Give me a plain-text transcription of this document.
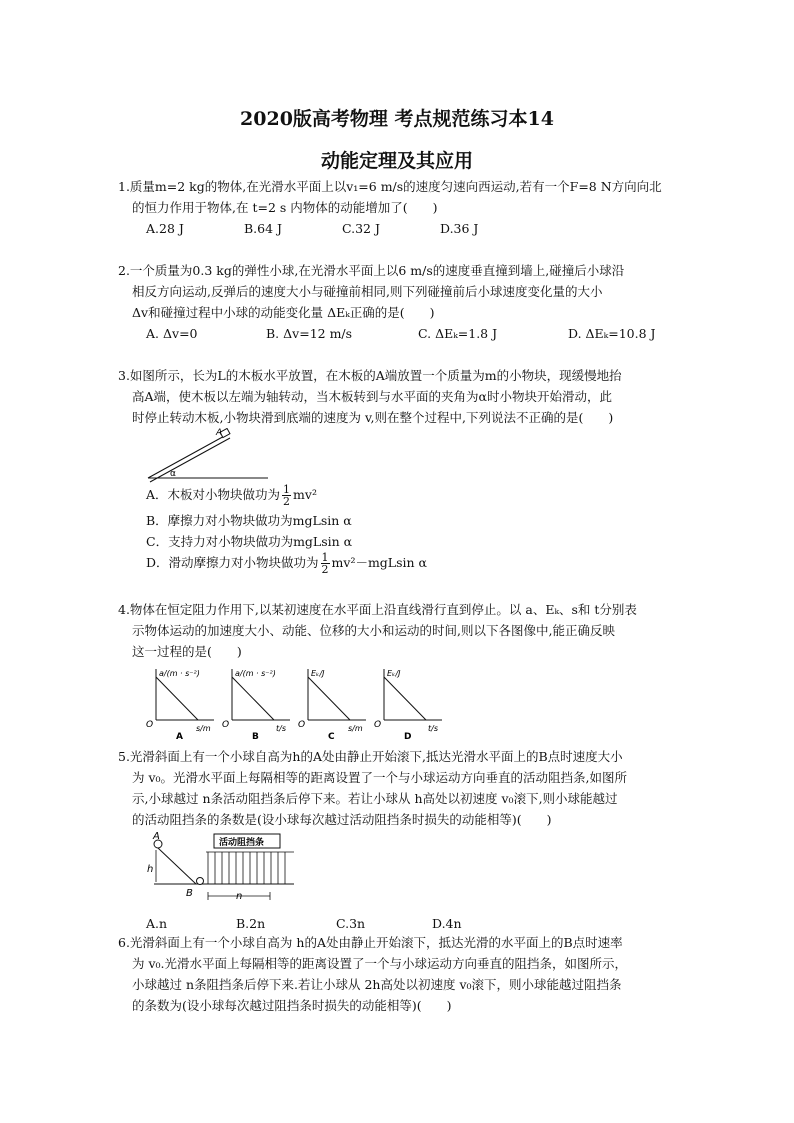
2020版高考物理 考点规范练习本14
动能定理及其应用
1.质量m=2 kg的物体,在光滑水平面上以v₁=6 m/s的速度匀速向西运动,若有一个F=8 N方向向北
的恒力作用于物体,在 t=2 s 内物体的动能增加了(　　)
A.28 J	B.64 J	C.32 J	D.36 J
2.一个质量为0.3 kg的弹性小球,在光滑水平面上以6 m/s的速度垂直撞到墙上,碰撞后小球沿
相反方向运动,反弹后的速度大小与碰撞前相同,则下列碰撞前后小球速度变化量的大小
Δv和碰撞过程中小球的动能变化量 ΔEₖ正确的是(　　)
A. Δv=0	B. Δv=12 m/s	C. ΔEₖ=1.8 J	D. ΔEₖ=10.8 J
3.如图所示，长为L的木板水平放置，在木板的A端放置一个质量为m的小物块，现缓慢地抬
高A端，使木板以左端为轴转动，当木板转到与水平面的夹角为α时小物块开始滑动，此
时停止转动木板,小物块滑到底端的速度为 v,则在整个过程中,下列说法不正确的是(　　)
A
α
A．木板对小物块做功为 $\frac{1}{2} mv^2$
B．摩擦力对小物块做功为mgLsin α
C．支持力对小物块做功为mgLsin α
D．滑动摩擦力对小物块做功为 $\frac{1}{2} mv^2-mgLsin$ α
4.物体在恒定阻力作用下,以某初速度在水平面上沿直线滑行直到停止。以 a、Eₖ、s和 t分别表
示物体运动的加速度大小、动能、位移的大小和运动的时间,则以下各图像中,能正确反映
这一过程的是(　　)
a/(m · s⁻²)
s/m
O
A
a/(m · s⁻²)
t/s
O
B
Eₖ/J
s/m
O
C
Eₖ/J
t/s
O
D
5.光滑斜面上有一个小球自高为h的A处由静止开始滚下,抵达光滑水平面上的B点时速度大小
为 v₀。光滑水平面上每隔相等的距离设置了一个与小球运动方向垂直的活动阻挡条,如图所
示,小球越过 n条活动阻挡条后停下来。若让小球从 h高处以初速度 v₀滚下,则小球能越过
的活动阻挡条的条数是(设小球每次越过活动阻挡条时损失的动能相等)(　　)
A
h
B
活动阻挡条
n
A.n	B.2n	C.3n	D.4n
6.光滑斜面上有一个小球自高为 h的A处由静止开始滚下，抵达光滑的水平面上的B点时速率
为 v₀.光滑水平面上每隔相等的距离设置了一个与小球运动方向垂直的阻挡条，如图所示，
小球越过 n条阻挡条后停下来.若让小球从 2h高处以初速度 v₀滚下，则小球能越过阻挡条
的条数为(设小球每次越过阻挡条时损失的动能相等)(　　)
